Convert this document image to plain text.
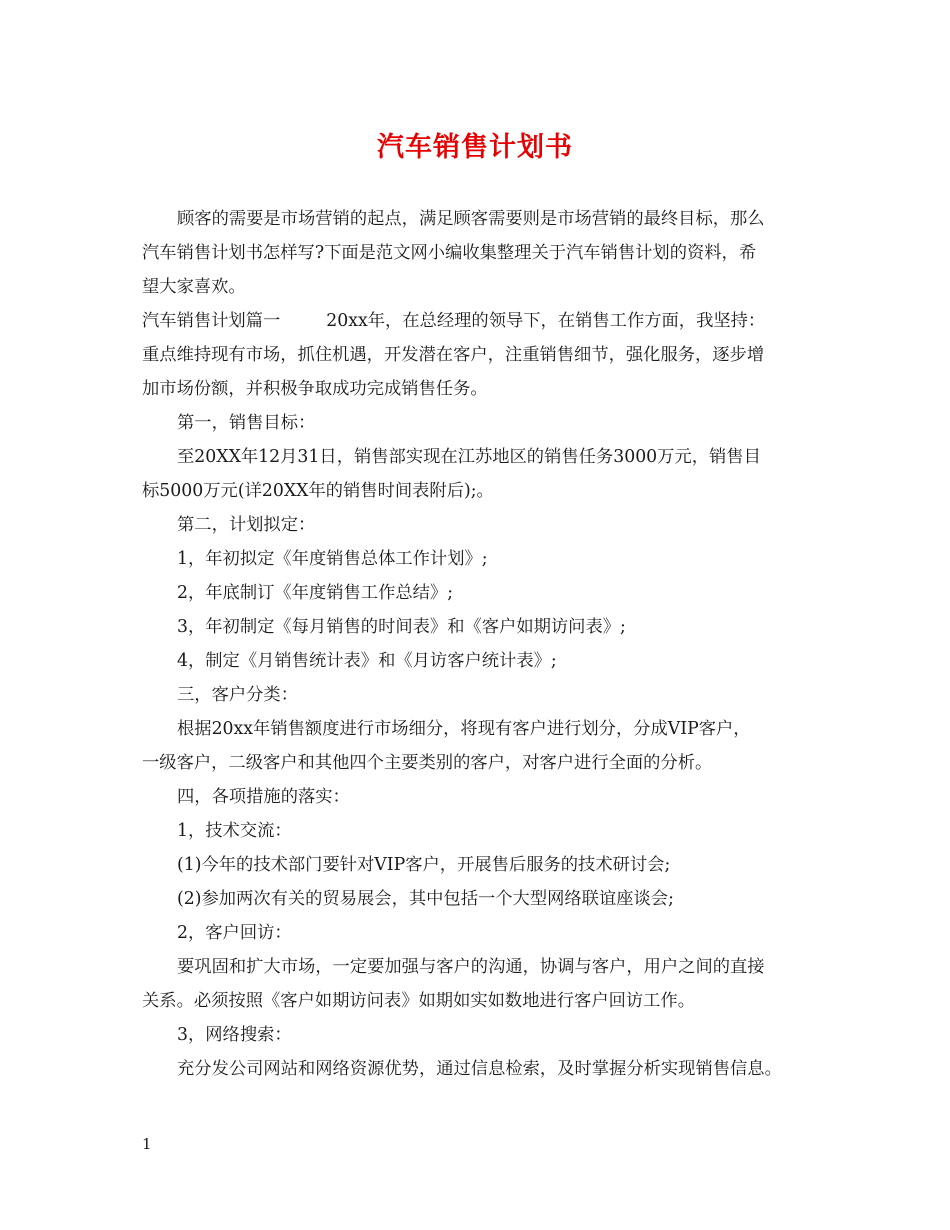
汽车销售计划书
顾客的需要是市场营销的起点，满足顾客需要则是市场营销的最终目标，那么
汽车销售计划书怎样写?下面是范文网小编收集整理关于汽车销售计划的资料，希
望大家喜欢。
汽车销售计划篇一	20xx年，在总经理的领导下，在销售工作方面，我坚持：
重点维持现有市场，抓住机遇，开发潜在客户，注重销售细节，强化服务，逐步增
加市场份额，并积极争取成功完成销售任务。
第一，销售目标：
至20XX年12月31日，销售部实现在江苏地区的销售任务3000万元，销售目
标5000万元(详20XX年的销售时间表附后);。
第二，计划拟定：
1，年初拟定《年度销售总体工作计划》;
2，年底制订《年度销售工作总结》;
3，年初制定《每月销售的时间表》和《客户如期访问表》;
4，制定《月销售统计表》和《月访客户统计表》;
三，客户分类：
根据20xx年销售额度进行市场细分，将现有客户进行划分，分成VIP客户，
一级客户，二级客户和其他四个主要类别的客户，对客户进行全面的分析。
四，各项措施的落实：
1，技术交流：
(1)今年的技术部门要针对VIP客户，开展售后服务的技术研讨会;
(2)参加两次有关的贸易展会，其中包括一个大型网络联谊座谈会;
2，客户回访：
要巩固和扩大市场，一定要加强与客户的沟通，协调与客户，用户之间的直接
关系。必须按照《客户如期访问表》如期如实如数地进行客户回访工作。
3，网络搜索：
充分发公司网站和网络资源优势，通过信息检索，及时掌握分析实现销售信息。
1
